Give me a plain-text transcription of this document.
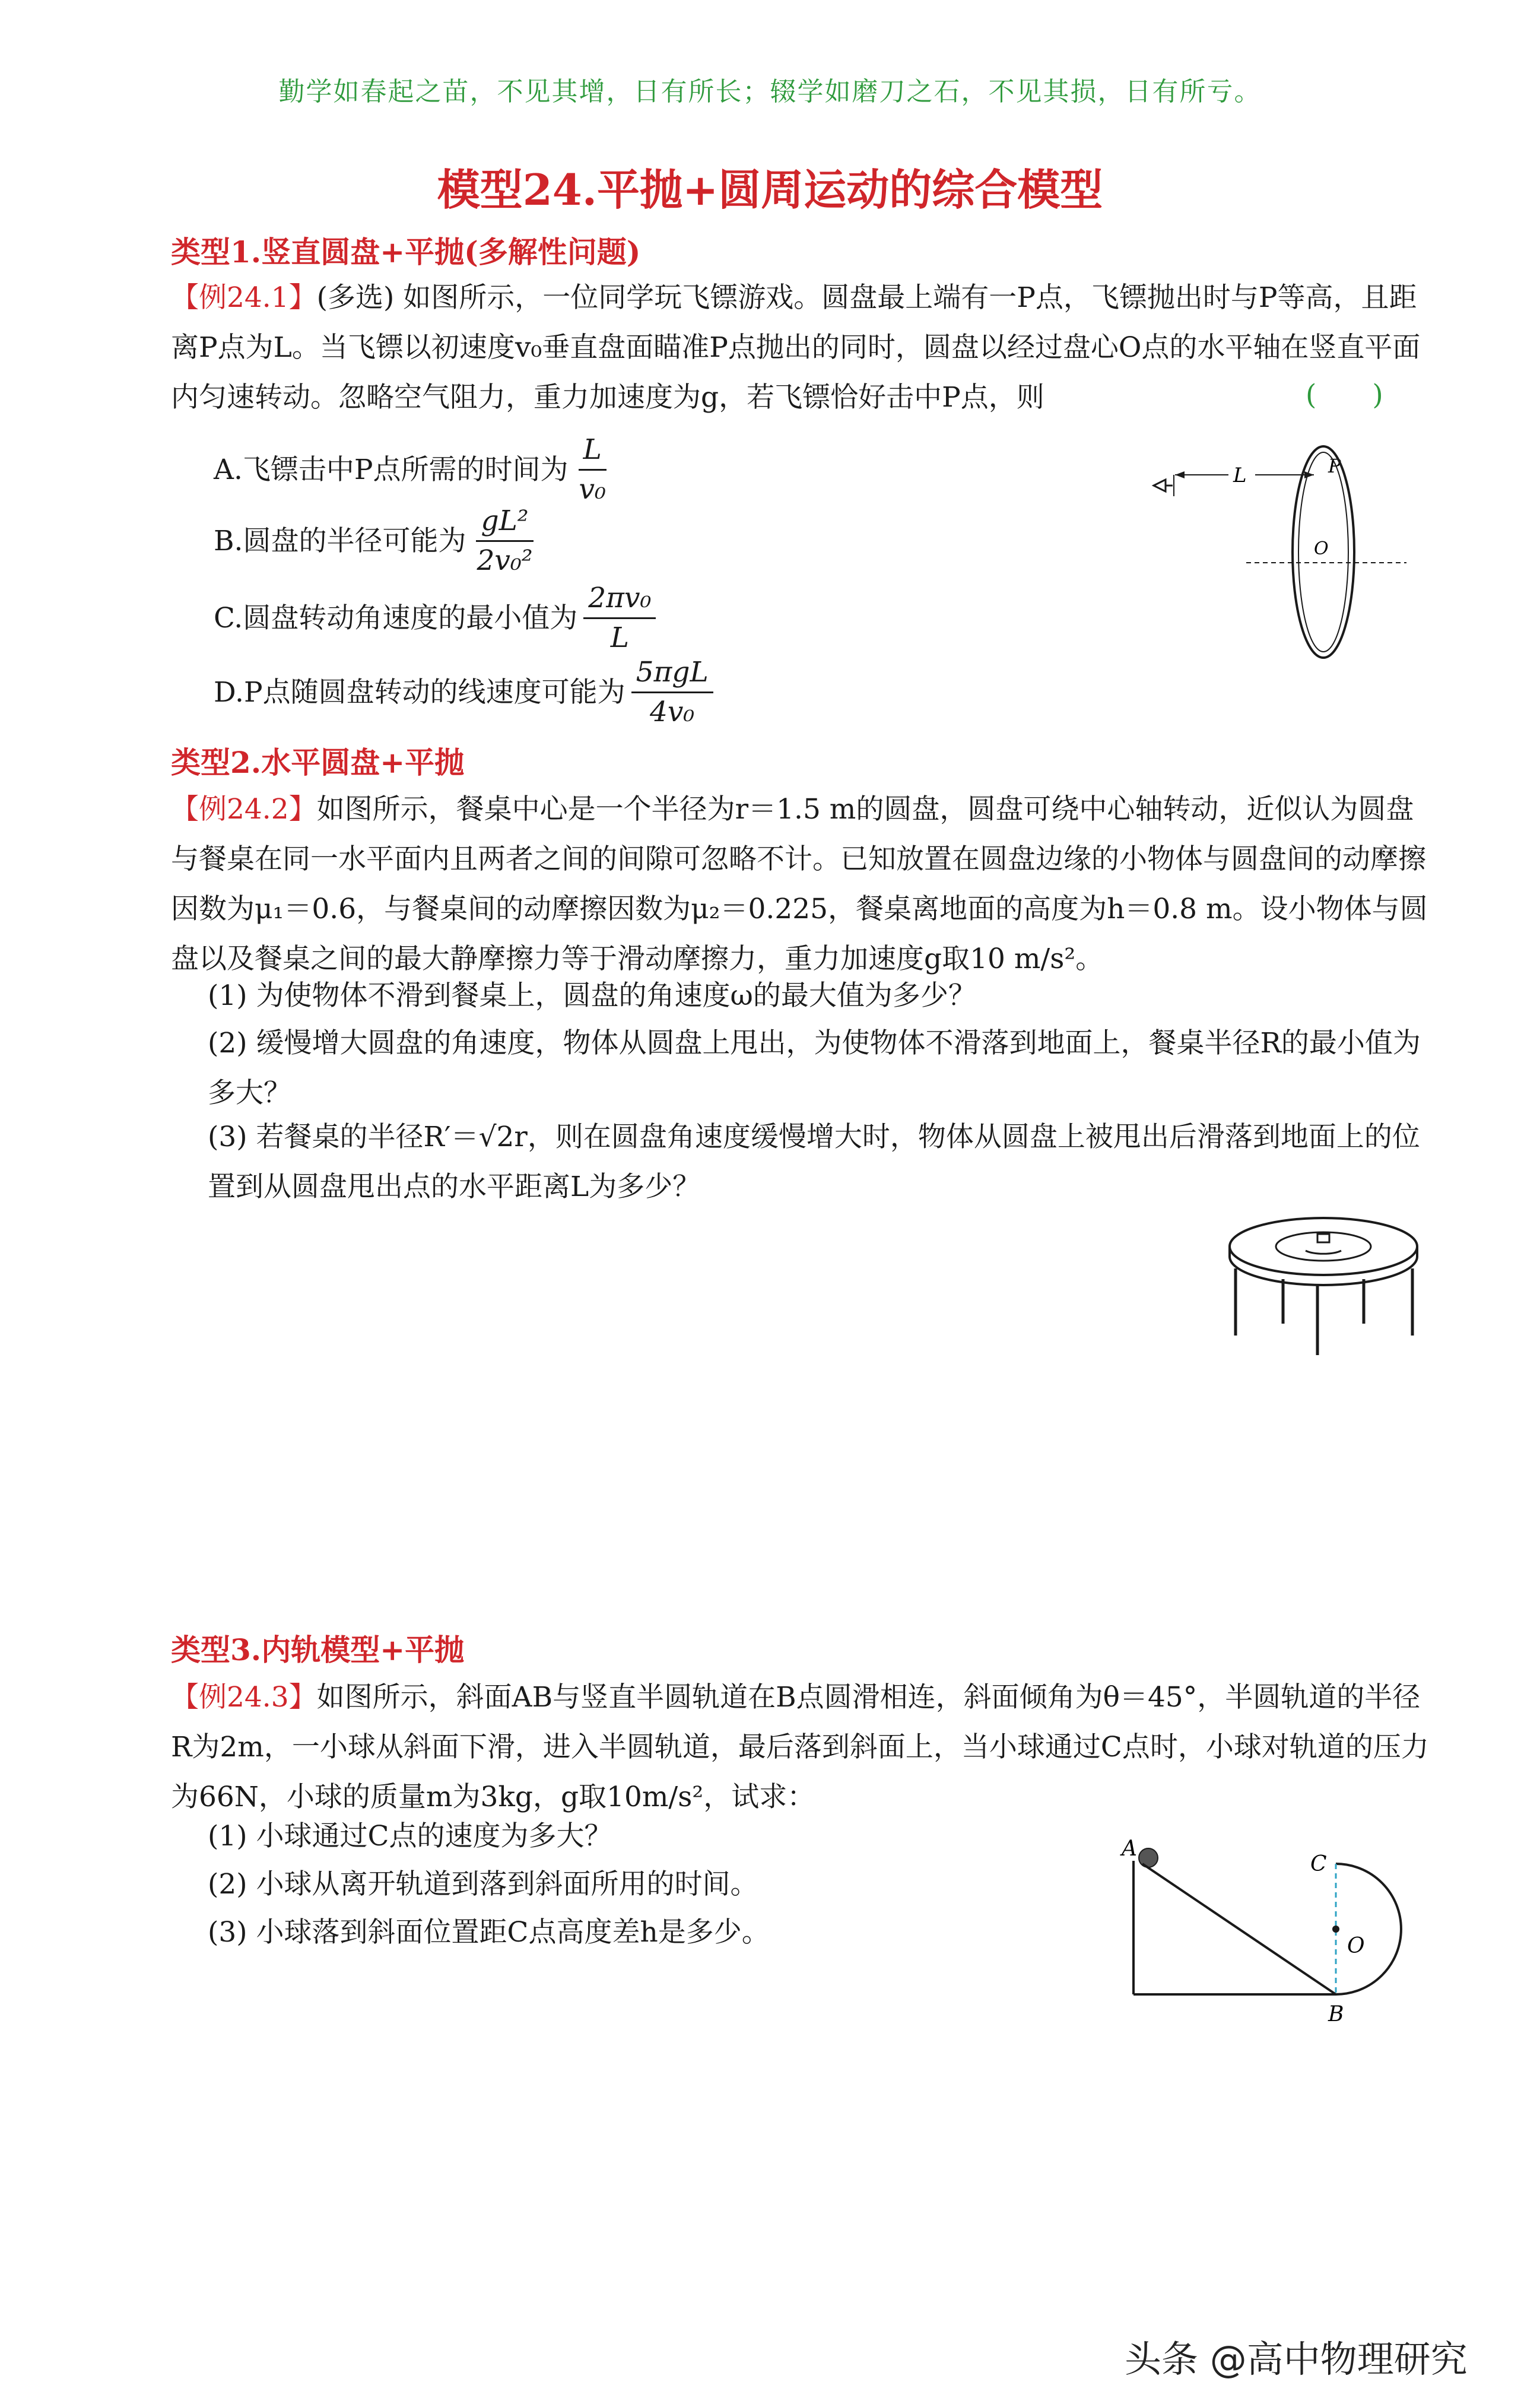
勤学如春起之苗，不见其增，日有所长；辍学如磨刀之石，不见其损，日有所亏。
模型24.平抛+圆周运动的综合模型
类型1.竖直圆盘+平抛(多解性问题)
【例24.1】(多选) 如图所示，一位同学玩飞镖游戏。圆盘最上端有一P点，飞镖抛出时与P等高，且距离P点为L。当飞镖以初速度v₀垂直盘面瞄准P点抛出的同时，圆盘以经过盘心O点的水平轴在竖直平面内匀速转动。忽略空气阻力，重力加速度为g，若飞镖恰好击中P点，则	(　　)
A.飞镖击中P点所需的时间为 $\frac{L}{\text{v₀}}$
B.圆盘的半径可能为 $\frac{\text{gL²}}{\text{2v₀²}}$
C.圆盘转动角速度的最小值为 $\frac{\text{2πv₀}}{L}$
D.P点随圆盘转动的线速度可能为 $\frac{\text{5πgL}}{\text{4v₀}}$
L	P
O
类型2.水平圆盘+平抛
【例24.2】如图所示，餐桌中心是一个半径为r＝1.5 m的圆盘，圆盘可绕中心轴转动，近似认为圆盘与餐桌在同一水平面内且两者之间的间隙可忽略不计。已知放置在圆盘边缘的小物体与圆盘间的动摩擦因数为μ₁＝0.6，与餐桌间的动摩擦因数为μ₂＝0.225，餐桌离地面的高度为h＝0.8 m。设小物体与圆盘以及餐桌之间的最大静摩擦力等于滑动摩擦力，重力加速度g取10 m/s²。
(1) 为使物体不滑到餐桌上，圆盘的角速度ω的最大值为多少？
(2) 缓慢增大圆盘的角速度，物体从圆盘上甩出，为使物体不滑落到地面上，餐桌半径R的最小值为多大？
(3) 若餐桌的半径R′＝√2r，则在圆盘角速度缓慢增大时，物体从圆盘上被甩出后滑落到地面上的位置到从圆盘甩出点的水平距离L为多少？
类型3.内轨模型+平抛
【例24.3】如图所示，斜面AB与竖直半圆轨道在B点圆滑相连，斜面倾角为θ＝45°，半圆轨道的半径R为2m，一小球从斜面下滑，进入半圆轨道，最后落到斜面上，当小球通过C点时，小球对轨道的压力为66N，小球的质量m为3kg，g取10m/s²，试求：
(1) 小球通过C点的速度为多大？
(2) 小球从离开轨道到落到斜面所用的时间。
(3) 小球落到斜面位置距C点高度差h是多少。
A
C
O
B
头条 @高中物理研究
